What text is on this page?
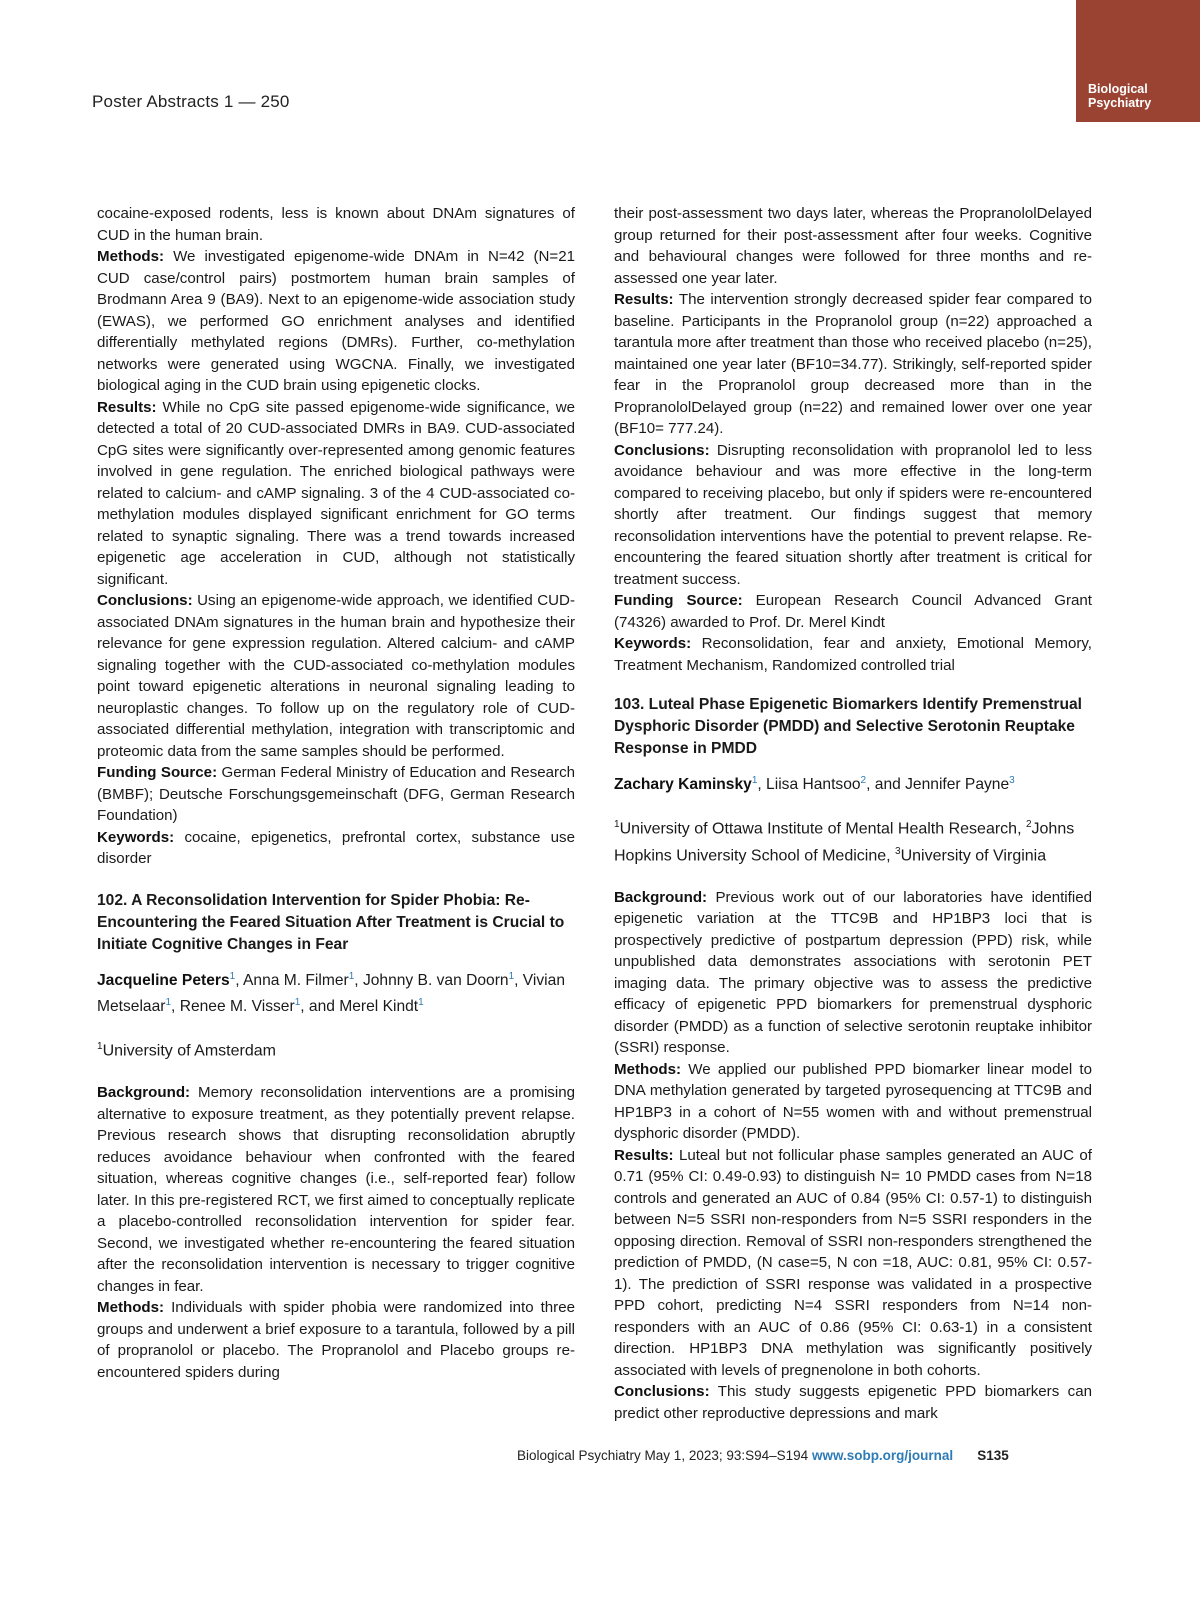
Poster Abstracts 1 — 250
Biological
Psychiatry

cocaine-exposed rodents, less is known about DNAm signatures of CUD in the human brain.

Methods: We investigated epigenome-wide DNAm in N=42 (N=21 CUD case/control pairs) postmortem human brain samples of Brodmann Area 9 (BA9). Next to an epigenome-wide association study (EWAS), we performed GO enrichment analyses and identified differentially methylated regions (DMRs). Further, co-methylation networks were generated using WGCNA. Finally, we investigated biological aging in the CUD brain using epigenetic clocks.

Results: While no CpG site passed epigenome-wide significance, we detected a total of 20 CUD-associated DMRs in BA9. CUD-associated CpG sites were significantly over-represented among genomic features involved in gene regulation. The enriched biological pathways were related to calcium- and cAMP signaling. 3 of the 4 CUD-associated co-methylation modules displayed significant enrichment for GO terms related to synaptic signaling. There was a trend towards increased epigenetic age acceleration in CUD, although not statistically significant.

Conclusions: Using an epigenome-wide approach, we identified CUD-associated DNAm signatures in the human brain and hypothesize their relevance for gene expression regulation. Altered calcium- and cAMP signaling together with the CUD-associated co-methylation modules point toward epigenetic alterations in neuronal signaling leading to neuroplastic changes. To follow up on the regulatory role of CUD-associated differential methylation, integration with transcriptomic and proteomic data from the same samples should be performed.

Funding Source: German Federal Ministry of Education and Research (BMBF); Deutsche Forschungsgemeinschaft (DFG, German Research Foundation)

Keywords: cocaine, epigenetics, prefrontal cortex, substance use disorder

102. A Reconsolidation Intervention for Spider Phobia: Re-Encountering the Feared Situation After Treatment is Crucial to Initiate Cognitive Changes in Fear

Jacqueline Peters$^1$, Anna M. Filmer$^1$, Johnny B. van Doorn$^1$, Vivian Metselaar$^1$, Renee M. Visser$^1$, and Merel Kindt$^1$

$^1$University of Amsterdam

Background: Memory reconsolidation interventions are a promising alternative to exposure treatment, as they potentially prevent relapse. Previous research shows that disrupting reconsolidation abruptly reduces avoidance behaviour when confronted with the feared situation, whereas cognitive changes (i.e., self-reported fear) follow later. In this pre-registered RCT, we first aimed to conceptually replicate a placebo-controlled reconsolidation intervention for spider fear. Second, we investigated whether re-encountering the feared situation after the reconsolidation intervention is necessary to trigger cognitive changes in fear.

Methods: Individuals with spider phobia were randomized into three groups and underwent a brief exposure to a tarantula, followed by a pill of propranolol or placebo. The Propranolol and Placebo groups re-encountered spiders during

their post-assessment two days later, whereas the PropranololDelayed group returned for their post-assessment after four weeks. Cognitive and behavioural changes were followed for three months and re-assessed one year later.

Results: The intervention strongly decreased spider fear compared to baseline. Participants in the Propranolol group (n=22) approached a tarantula more after treatment than those who received placebo (n=25), maintained one year later (BF10=34.77). Strikingly, self-reported spider fear in the Propranolol group decreased more than in the PropranololDelayed group (n=22) and remained lower over one year (BF10= 777.24).

Conclusions: Disrupting reconsolidation with propranolol led to less avoidance behaviour and was more effective in the long-term compared to receiving placebo, but only if spiders were re-encountered shortly after treatment. Our findings suggest that memory reconsolidation interventions have the potential to prevent relapse. Re-encountering the feared situation shortly after treatment is critical for treatment success.

Funding Source: European Research Council Advanced Grant (74326) awarded to Prof. Dr. Merel Kindt

Keywords: Reconsolidation, fear and anxiety, Emotional Memory, Treatment Mechanism, Randomized controlled trial

103. Luteal Phase Epigenetic Biomarkers Identify Premenstrual Dysphoric Disorder (PMDD) and Selective Serotonin Reuptake Response in PMDD

Zachary Kaminsky$^1$, Liisa Hantsoo$^2$, and Jennifer Payne$^3$

$^1$University of Ottawa Institute of Mental Health Research, $^2$Johns Hopkins University School of Medicine, $^3$University of Virginia

Background: Previous work out of our laboratories have identified epigenetic variation at the TTC9B and HP1BP3 loci that is prospectively predictive of postpartum depression (PPD) risk, while unpublished data demonstrates associations with serotonin PET imaging data. The primary objective was to assess the predictive efficacy of epigenetic PPD biomarkers for premenstrual dysphoric disorder (PMDD) as a function of selective serotonin reuptake inhibitor (SSRI) response.

Methods: We applied our published PPD biomarker linear model to DNA methylation generated by targeted pyrosequencing at TTC9B and HP1BP3 in a cohort of N=55 women with and without premenstrual dysphoric disorder (PMDD).

Results: Luteal but not follicular phase samples generated an AUC of 0.71 (95% CI: 0.49-0.93) to distinguish N= 10 PMDD cases from N=18 controls and generated an AUC of 0.84 (95% CI: 0.57-1) to distinguish between N=5 SSRI non-responders from N=5 SSRI responders in the opposing direction. Removal of SSRI non-responders strengthened the prediction of PMDD, (N case=5, N con =18, AUC: 0.81, 95% CI: 0.57-1). The prediction of SSRI response was validated in a prospective PPD cohort, predicting N=4 SSRI responders from N=14 non-responders with an AUC of 0.86 (95% CI: 0.63-1) in a consistent direction. HP1BP3 DNA methylation was significantly positively associated with levels of pregnenolone in both cohorts.

Conclusions: This study suggests epigenetic PPD biomarkers can predict other reproductive depressions and mark

Biological Psychiatry May 1, 2023; 93:S94–S194 www.sobp.org/journal S135
